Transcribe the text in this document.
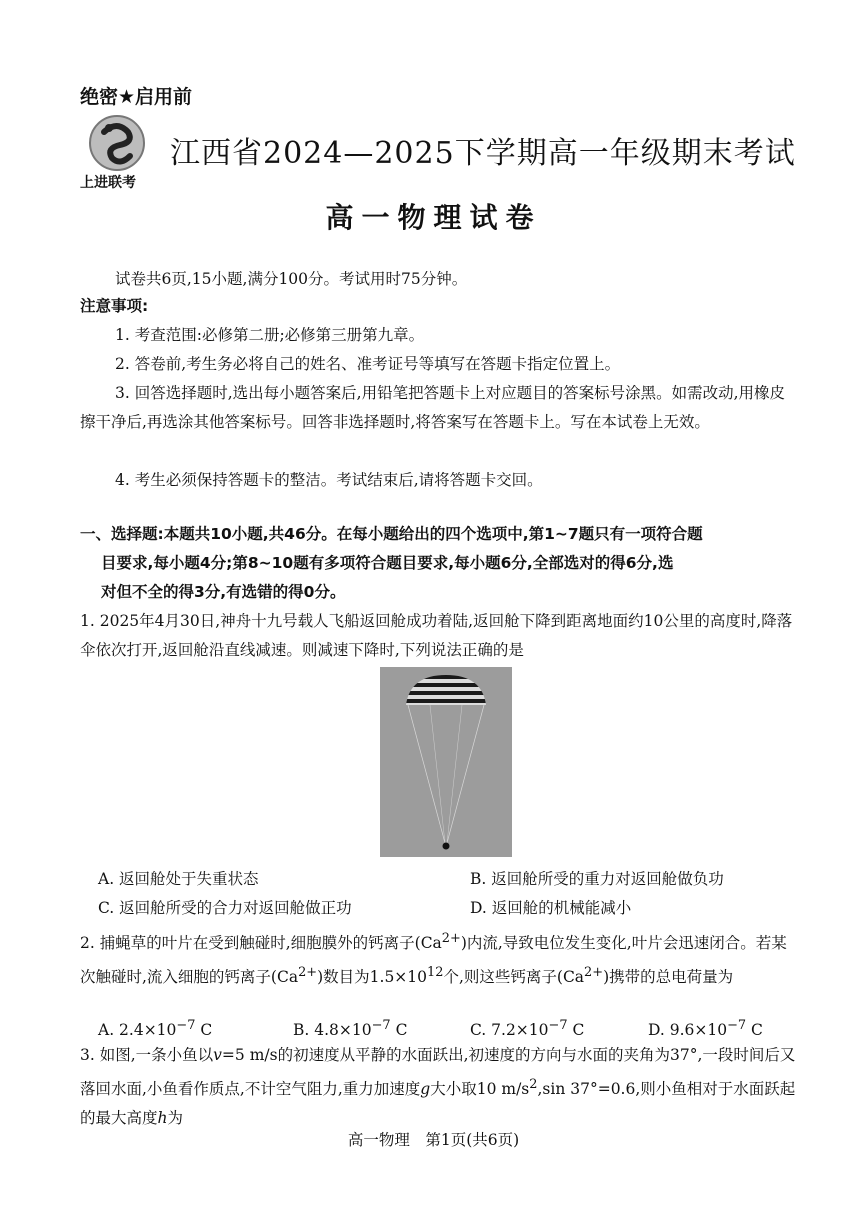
绝密★启用前
上进联考
江西省2024—2025下学期高一年级期末考试
高一物理试卷
试卷共6页,15小题,满分100分。考试用时75分钟。
注意事项:
1. 考查范围:必修第二册;必修第三册第九章。
2. 答卷前,考生务必将自己的姓名、准考证号等填写在答题卡指定位置上。
3. 回答选择题时,选出每小题答案后,用铅笔把答题卡上对应题目的答案标号涂黑。如需改动,用橡皮擦干净后,再选涂其他答案标号。回答非选择题时,将答案写在答题卡上。写在本试卷上无效。
4. 考生必须保持答题卡的整洁。考试结束后,请将答题卡交回。
一、选择题:本题共10小题,共46分。在每小题给出的四个选项中,第1~7题只有一项符合题
目要求,每小题4分;第8~10题有多项符合题目要求,每小题6分,全部选对的得6分,选
对但不全的得3分,有选错的得0分。
1. 2025年4月30日,神舟十九号载人飞船返回舱成功着陆,返回舱下降到距离地面约10公里的高度时,降落伞依次打开,返回舱沿直线减速。则减速下降时,下列说法正确的是
A. 返回舱处于失重状态	B. 返回舱所受的重力对返回舱做负功
C. 返回舱所受的合力对返回舱做正功	D. 返回舱的机械能减小
2. 捕蝇草的叶片在受到触碰时,细胞膜外的钙离子$(Ca^{2+})$内流,导致电位发生变化,叶片会迅速闭合。若某次触碰时,流入细胞的钙离子$(Ca^{2+})$数目为$1.5\times 10^{12}$个,则这些钙离子$(Ca^{2+})$携带的总电荷量为
A. $2.4\times 10^{-7}$ C	B. $4.8\times 10^{-7}$ C	C. $7.2\times 10^{-7}$ C	D. $9.6\times 10^{-7}$ C
3. 如图,一条小鱼以v=5 m/s的初速度从平静的水面跃出,初速度的方向与水面的夹角为37°,一段时间后又落回水面,小鱼看作质点,不计空气阻力,重力加速度g大小取10 $m/s^2,\sin$ 37°=0.6,则小鱼相对于水面跃起的最大高度h为
高一物理　第1页(共6页)
